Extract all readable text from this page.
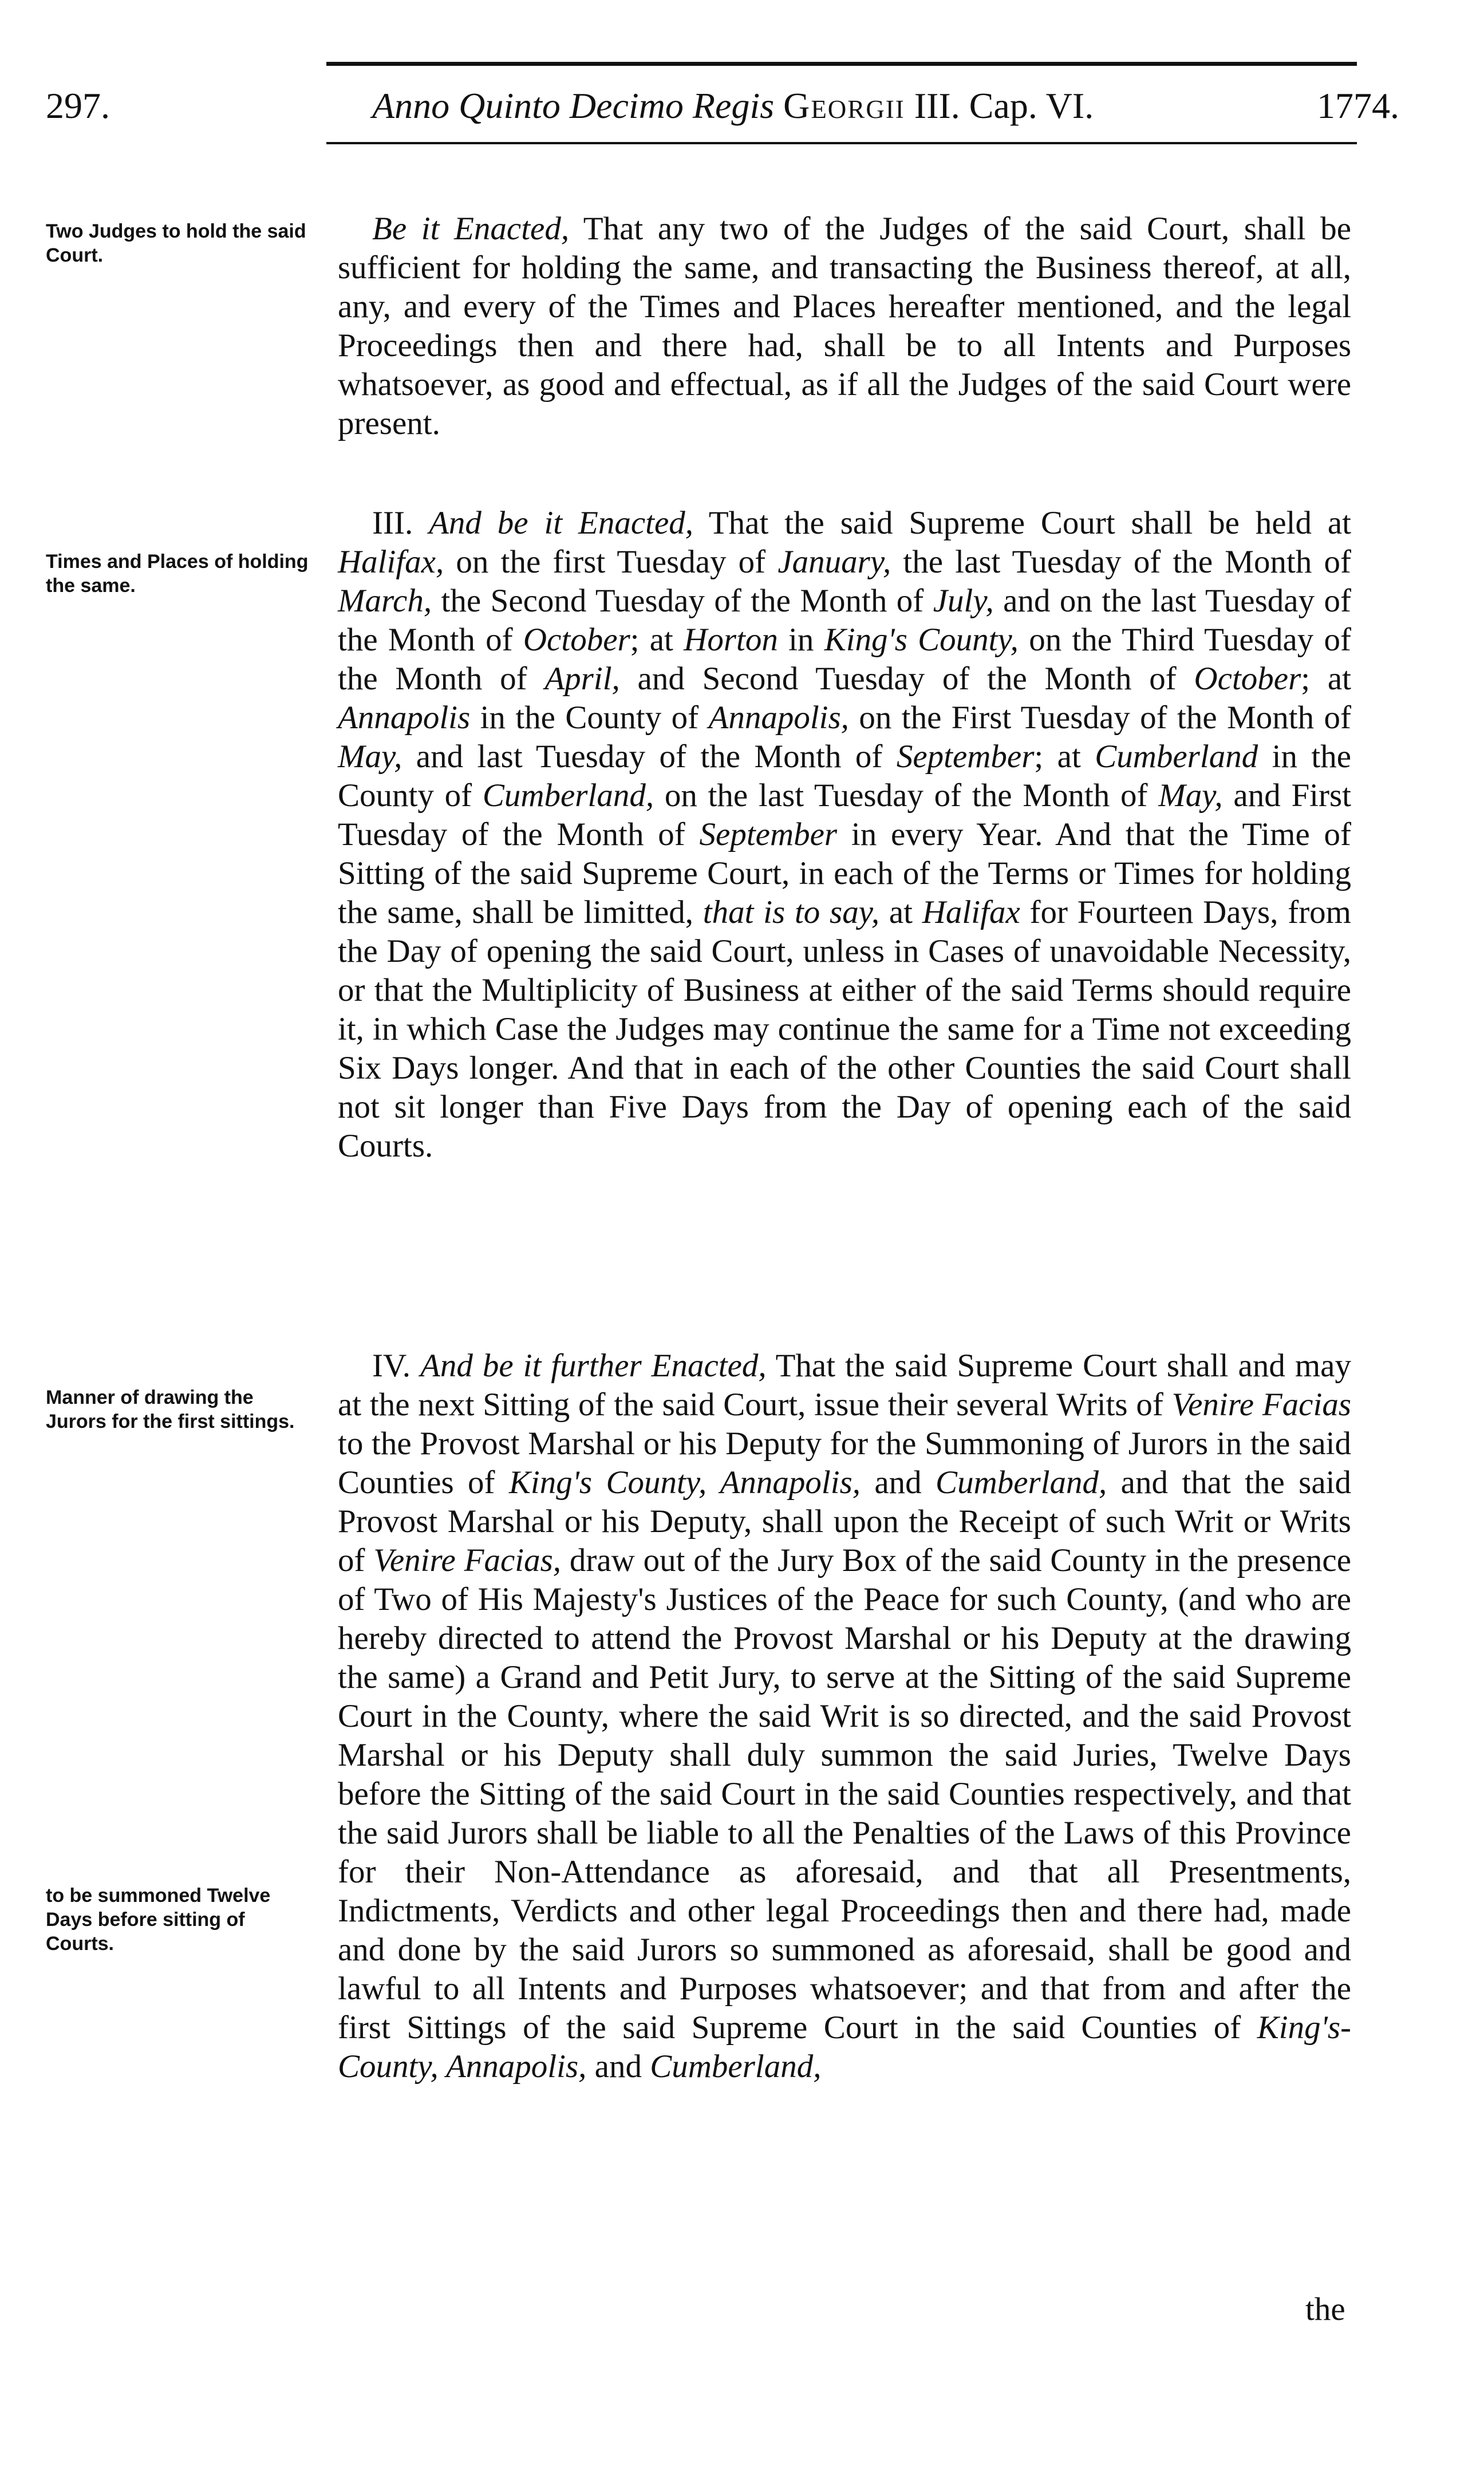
297.	Anno Quinto Decimo Regis Georgii III. Cap. VI.	1774.
Two Judges to hold the said Court.
Times and Places of holding the same.
Manner of drawing the Jurors for the first sittings.
to be summoned Twelve Days before sitting of Courts.

Be it Enacted, That any two of the Judges of the said Court, shall be sufficient for holding the same, and transacting the Business thereof, at all, any, and every of the Times and Places hereafter mentioned, and the legal Proceedings then and there had, shall be to all Intents and Purposes whatsoever, as good and effectual, as if all the Judges of the said Court were present.

III. And be it Enacted, That the said Supreme Court shall be held at Halifax, on the first Tuesday of January, the last Tuesday of the Month of March, the Second Tuesday of the Month of July, and on the last Tuesday of the Month of October; at Horton in King's County, on the Third Tuesday of the Month of April, and Second Tuesday of the Month of October; at Annapolis in the County of Annapolis, on the First Tuesday of the Month of May, and last Tuesday of the Month of September; at Cumberland in the County of Cumberland, on the last Tuesday of the Month of May, and First Tuesday of the Month of September in every Year. And that the Time of Sitting of the said Supreme Court, in each of the Terms or Times for holding the same, shall be limitted, that is to say, at Halifax for Fourteen Days, from the Day of opening the said Court, unless in Cases of unavoidable Necessity, or that the Multiplicity of Business at either of the said Terms should require it, in which Case the Judges may continue the same for a Time not exceeding Six Days longer. And that in each of the other Counties the said Court shall not sit longer than Five Days from the Day of opening each of the said Courts.

IV. And be it further Enacted, That the said Supreme Court shall and may at the next Sitting of the said Court, issue their several Writs of Venire Facias to the Provost Marshal or his Deputy for the Summoning of Jurors in the said Counties of King's County, Annapolis, and Cumberland, and that the said Provost Marshal or his Deputy, shall upon the Receipt of such Writ or Writs of Venire Facias, draw out of the Jury Box of the said County in the presence of Two of His Majesty's Justices of the Peace for such County, (and who are hereby directed to attend the Provost Marshal or his Deputy at the drawing the same) a Grand and Petit Jury, to serve at the Sitting of the said Supreme Court in the County, where the said Writ is so directed, and the said Provost Marshal or his Deputy shall duly summon the said Juries, Twelve Days before the Sitting of the said Court in the said Counties respectively, and that the said Jurors shall be liable to all the Penalties of the Laws of this Province for their Non-Attendance as aforesaid, and that all Presentments, Indictments, Verdicts and other legal Proceedings then and there had, made and done by the said Jurors so summoned as aforesaid, shall be good and lawful to all Intents and Purposes whatsoever; and that from and after the first Sittings of the said Supreme Court in the said Counties of King's-County, Annapolis, and Cumberland,

the
